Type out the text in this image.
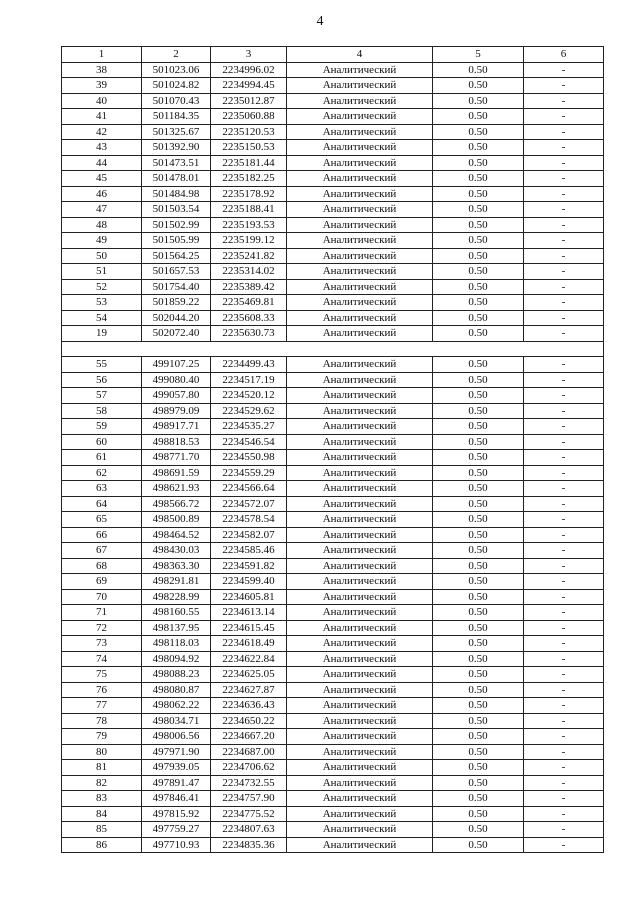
4
1	2	3	4	5	6
38	501023.06	2234996.02	Аналитический	0.50	-
39	501024.82	2234994.45	Аналитический	0.50	-
40	501070.43	2235012.87	Аналитический	0.50	-
41	501184.35	2235060.88	Аналитический	0.50	-
42	501325.67	2235120.53	Аналитический	0.50	-
43	501392.90	2235150.53	Аналитический	0.50	-
44	501473.51	2235181.44	Аналитический	0.50	-
45	501478.01	2235182.25	Аналитический	0.50	-
46	501484.98	2235178.92	Аналитический	0.50	-
47	501503.54	2235188.41	Аналитический	0.50	-
48	501502.99	2235193.53	Аналитический	0.50	-
49	501505.99	2235199.12	Аналитический	0.50	-
50	501564.25	2235241.82	Аналитический	0.50	-
51	501657.53	2235314.02	Аналитический	0.50	-
52	501754.40	2235389.42	Аналитический	0.50	-
53	501859.22	2235469.81	Аналитический	0.50	-
54	502044.20	2235608.33	Аналитический	0.50	-
19	502072.40	2235630.73	Аналитический	0.50	-

55	499107.25	2234499.43	Аналитический	0.50	-
56	499080.40	2234517.19	Аналитический	0.50	-
57	499057.80	2234520.12	Аналитический	0.50	-
58	498979.09	2234529.62	Аналитический	0.50	-
59	498917.71	2234535.27	Аналитический	0.50	-
60	498818.53	2234546.54	Аналитический	0.50	-
61	498771.70	2234550.98	Аналитический	0.50	-
62	498691.59	2234559.29	Аналитический	0.50	-
63	498621.93	2234566.64	Аналитический	0.50	-
64	498566.72	2234572.07	Аналитический	0.50	-
65	498500.89	2234578.54	Аналитический	0.50	-
66	498464.52	2234582.07	Аналитический	0.50	-
67	498430.03	2234585.46	Аналитический	0.50	-
68	498363.30	2234591.82	Аналитический	0.50	-
69	498291.81	2234599.40	Аналитический	0.50	-
70	498228.99	2234605.81	Аналитический	0.50	-
71	498160.55	2234613.14	Аналитический	0.50	-
72	498137.95	2234615.45	Аналитический	0.50	-
73	498118.03	2234618.49	Аналитический	0.50	-
74	498094.92	2234622.84	Аналитический	0.50	-
75	498088.23	2234625.05	Аналитический	0.50	-
76	498080.87	2234627.87	Аналитический	0.50	-
77	498062.22	2234636.43	Аналитический	0.50	-
78	498034.71	2234650.22	Аналитический	0.50	-
79	498006.56	2234667.20	Аналитический	0.50	-
80	497971.90	2234687.00	Аналитический	0.50	-
81	497939.05	2234706.62	Аналитический	0.50	-
82	497891.47	2234732.55	Аналитический	0.50	-
83	497846.41	2234757.90	Аналитический	0.50	-
84	497815.92	2234775.52	Аналитический	0.50	-
85	497759.27	2234807.63	Аналитический	0.50	-
86	497710.93	2234835.36	Аналитический	0.50	-
